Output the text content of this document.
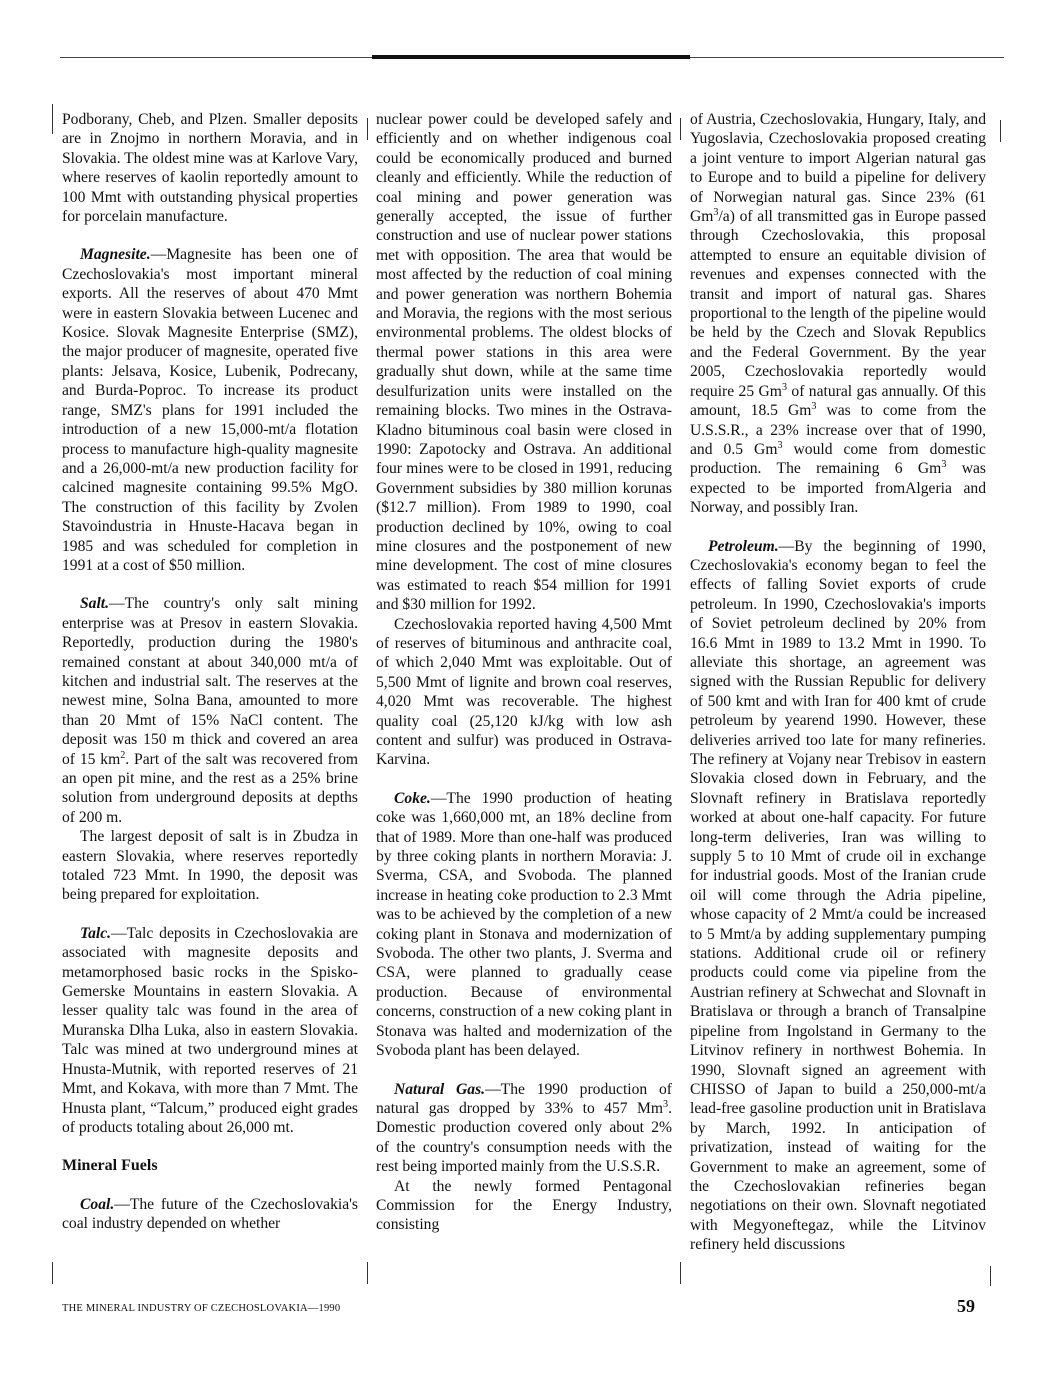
Podborany, Cheb, and Plzen. Smaller deposits are in Znojmo in northern Moravia, and in Slovakia. The oldest mine was at Karlove Vary, where reserves of kaolin reportedly amount to 100 Mmt with outstanding physical properties for porcelain manufacture.

Magnesite.—Magnesite has been one of Czechoslovakia's most important mineral exports. All the reserves of about 470 Mmt were in eastern Slovakia between Lucenec and Kosice. Slovak Magnesite Enterprise (SMZ), the major producer of magnesite, operated five plants: Jelsava, Kosice, Lubenik, Podrecany, and Burda-Poproc. To increase its product range, SMZ's plans for 1991 included the introduction of a new 15,000-mt/a flotation process to manufacture high-quality magnesite and a 26,000-mt/a new production facility for calcined magnesite containing 99.5% MgO. The construction of this facility by Zvolen Stavoindustria in Hnuste-Hacava began in 1985 and was scheduled for completion in 1991 at a cost of $50 million.

Salt.—The country's only salt mining enterprise was at Presov in eastern Slovakia. Reportedly, production during the 1980's remained constant at about 340,000 mt/a of kitchen and industrial salt. The reserves at the newest mine, Solna Bana, amounted to more than 20 Mmt of 15% NaCl content. The deposit was 150 m thick and covered an area of 15 $km^2$. Part of the salt was recovered from an open pit mine, and the rest as a 25% brine solution from underground deposits at depths of 200 m.

The largest deposit of salt is in Zbudza in eastern Slovakia, where reserves reportedly totaled 723 Mmt. In 1990, the deposit was being prepared for exploitation.

Talc.—Talc deposits in Czechoslovakia are associated with magnesite deposits and metamorphosed basic rocks in the Spisko-Gemerske Mountains in eastern Slovakia. A lesser quality talc was found in the area of Muranska Dlha Luka, also in eastern Slovakia. Talc was mined at two underground mines at Hnusta-Mutnik, with reported reserves of 21 Mmt, and Kokava, with more than 7 Mmt. The Hnusta plant, “Talcum,” produced eight grades of products totaling about 26,000 mt.

Mineral Fuels

Coal.—The future of the Czechoslovakia's coal industry depended on whether

nuclear power could be developed safely and efficiently and on whether indigenous coal could be economically produced and burned cleanly and efficiently. While the reduction of coal mining and power generation was generally accepted, the issue of further construction and use of nuclear power stations met with opposition. The area that would be most affected by the reduction of coal mining and power generation was northern Bohemia and Moravia, the regions with the most serious environmental problems. The oldest blocks of thermal power stations in this area were gradually shut down, while at the same time desulfurization units were installed on the remaining blocks. Two mines in the Ostrava-Kladno bituminous coal basin were closed in 1990: Zapotocky and Ostrava. An additional four mines were to be closed in 1991, reducing Government subsidies by 380 million korunas ($12.7 million). From 1989 to 1990, coal production declined by 10%, owing to coal mine closures and the postponement of new mine development. The cost of mine closures was estimated to reach $54 million for 1991 and $30 million for 1992.

Czechoslovakia reported having 4,500 Mmt of reserves of bituminous and anthracite coal, of which 2,040 Mmt was exploitable. Out of 5,500 Mmt of lignite and brown coal reserves, 4,020 Mmt was recoverable. The highest quality coal (25,120 kJ/kg with low ash content and sulfur) was produced in Ostrava-Karvina.

Coke.—The 1990 production of heating coke was 1,660,000 mt, an 18% decline from that of 1989. More than one-half was produced by three coking plants in northern Moravia: J. Sverma, CSA, and Svoboda. The planned increase in heating coke production to 2.3 Mmt was to be achieved by the completion of a new coking plant in Stonava and modernization of Svoboda. The other two plants, J. Sverma and CSA, were planned to gradually cease production. Because of environmental concerns, construction of a new coking plant in Stonava was halted and modernization of the Svoboda plant has been delayed.

Natural Gas.—The 1990 production of natural gas dropped by 33% to 457 Mm$^3$. Domestic production covered only about 2% of the country's consumption needs with the rest being imported mainly from the U.S.S.R.

At the newly formed Pentagonal Commission for the Energy Industry, consisting

of Austria, Czechoslovakia, Hungary, Italy, and Yugoslavia, Czechoslovakia proposed creating a joint venture to import Algerian natural gas to Europe and to build a pipeline for delivery of Norwegian natural gas. Since 23% (61 Gm$^3$/a) of all transmitted gas in Europe passed through Czechoslovakia, this proposal attempted to ensure an equitable division of revenues and expenses connected with the transit and import of natural gas. Shares proportional to the length of the pipeline would be held by the Czech and Slovak Republics and the Federal Government. By the year 2005, Czechoslovakia reportedly would require 25 Gm$^3$ of natural gas annually. Of this amount, 18.5 Gm$^3$ was to come from the U.S.S.R., a 23% increase over that of 1990, and 0.5 Gm$^3$ would come from domestic production. The remaining 6 Gm$^3$ was expected to be imported fromAlgeria and Norway, and possibly Iran.

Petroleum.—By the beginning of 1990, Czechoslovakia's economy began to feel the effects of falling Soviet exports of crude petroleum. In 1990, Czechoslovakia's imports of Soviet petroleum declined by 20% from 16.6 Mmt in 1989 to 13.2 Mmt in 1990. To alleviate this shortage, an agreement was signed with the Russian Republic for delivery of 500 kmt and with Iran for 400 kmt of crude petroleum by yearend 1990. However, these deliveries arrived too late for many refineries. The refinery at Vojany near Trebisov in eastern Slovakia closed down in February, and the Slovnaft refinery in Bratislava reportedly worked at about one-half capacity. For future long-term deliveries, Iran was willing to supply 5 to 10 Mmt of crude oil in exchange for industrial goods. Most of the Iranian crude oil will come through the Adria pipeline, whose capacity of 2 Mmt/a could be increased to 5 Mmt/a by adding supplementary pumping stations. Additional crude oil or refinery products could come via pipeline from the Austrian refinery at Schwechat and Slovnaft in Bratislava or through a branch of Transalpine pipeline from Ingolstand in Germany to the Litvinov refinery in northwest Bohemia. In 1990, Slovnaft signed an agreement with CHISSO of Japan to build a 250,000-mt/a lead-free gasoline production unit in Bratislava by March, 1992. In anticipation of privatization, instead of waiting for the Government to make an agreement, some of the Czechoslovakian refineries began negotiations on their own. Slovnaft negotiated with Megyoneftegaz, while the Litvinov refinery held discussions

THE MINERAL INDUSTRY OF CZECHOSLOVAKIA—1990	59
